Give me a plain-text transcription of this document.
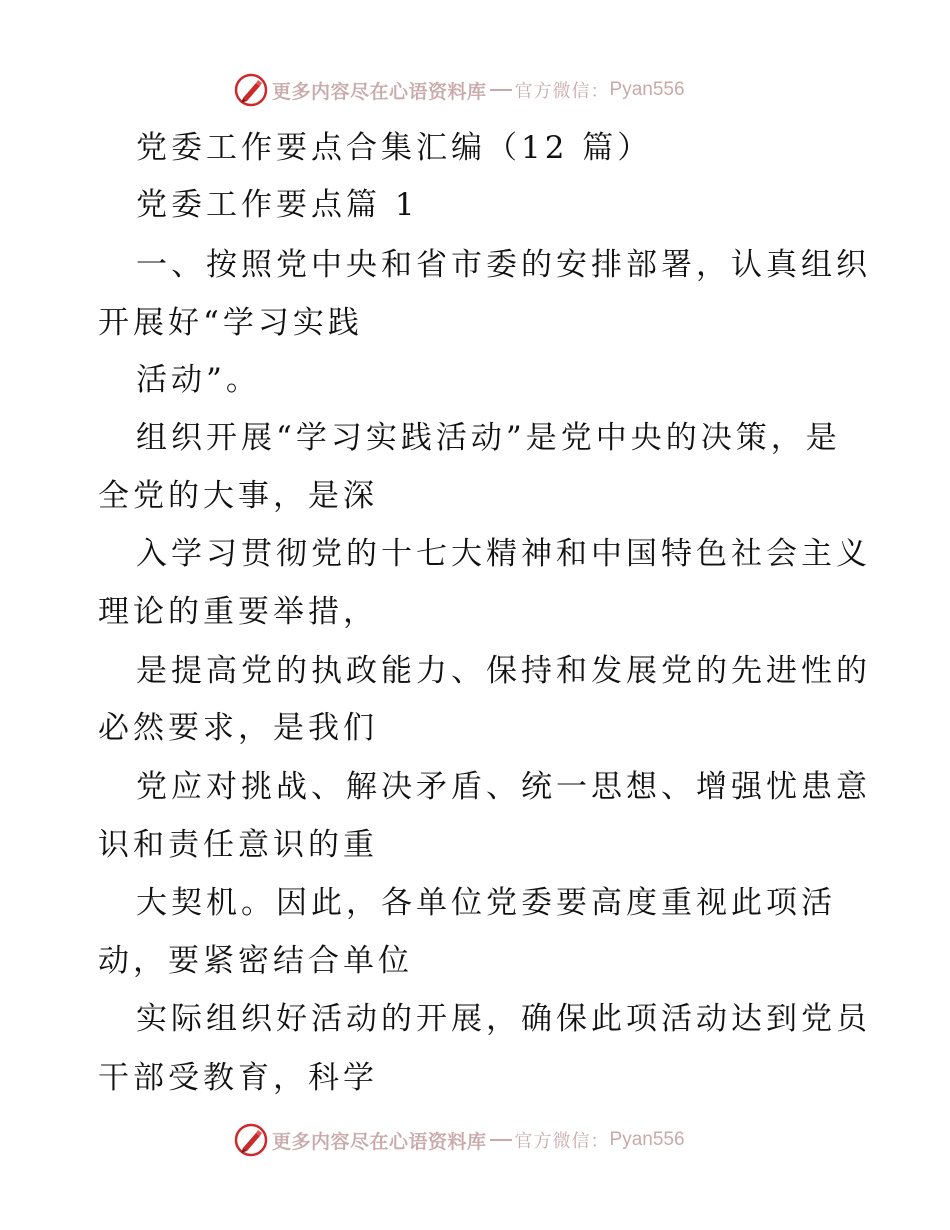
更多内容尽在心语资料库 官方微信： Pyan556
党委工作要点合集汇编（12 篇）
党委工作要点篇 1
一、按照党中央和省市委的安排部署，认真组织
开展好“学习实践
活动”。
组织开展“学习实践活动”是党中央的决策，是
全党的大事，是深
入学习贯彻党的十七大精神和中国特色社会主义
理论的重要举措，
是提高党的执政能力、保持和发展党的先进性的
必然要求，是我们
党应对挑战、解决矛盾、统一思想、增强忧患意
识和责任意识的重
大契机。因此，各单位党委要高度重视此项活
动，要紧密结合单位
实际组织好活动的开展，确保此项活动达到党员
干部受教育，科学
更多内容尽在心语资料库 官方微信： Pyan556
